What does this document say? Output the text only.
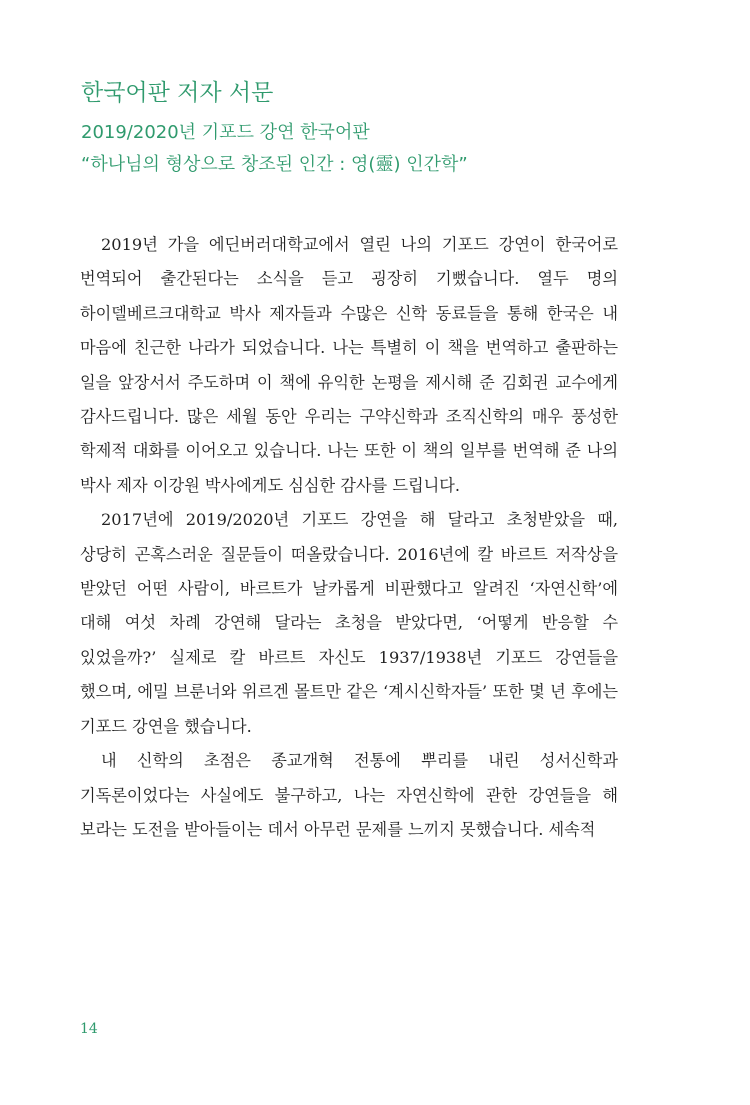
한국어판 저자 서문
2019/2020년 기포드 강연 한국어판
“하나님의 형상으로 창조된 인간 : 영(靈) 인간학”

2019년 가을 에딘버러대학교에서 열린 나의 기포드 강연이 한국어로 번역되어 출간된다는 소식을 듣고 굉장히 기뻤습니다. 열두 명의 하이델베르크대학교 박사 제자들과 수많은 신학 동료들을 통해 한국은 내 마음에 친근한 나라가 되었습니다. 나는 특별히 이 책을 번역하고 출판하는 일을 앞장서서 주도하며 이 책에 유익한 논평을 제시해 준 김회권 교수에게 감사드립니다. 많은 세월 동안 우리는 구약신학과 조직신학의 매우 풍성한 학제적 대화를 이어오고 있습니다. 나는 또한 이 책의 일부를 번역해 준 나의 박사 제자 이강원 박사에게도 심심한 감사를 드립니다.

2017년에 2019/2020년 기포드 강연을 해 달라고 초청받았을 때, 상당히 곤혹스러운 질문들이 떠올랐습니다. 2016년에 칼 바르트 저작상을 받았던 어떤 사람이, 바르트가 날카롭게 비판했다고 알려진 ‘자연신학’에 대해 여섯 차례 강연해 달라는 초청을 받았다면, ‘어떻게 반응할 수 있었을까?’ 실제로 칼 바르트 자신도 1937/1938년 기포드 강연들을 했으며, 에밀 브룬너와 위르겐 몰트만 같은 ‘계시신학자들’ 또한 몇 년 후에는 기포드 강연을 했습니다.

내 신학의 초점은 종교개혁 전통에 뿌리를 내린 성서신학과 기독론이었다는 사실에도 불구하고, 나는 자연신학에 관한 강연들을 해 보라는 도전을 받아들이는 데서 아무런 문제를 느끼지 못했습니다. 세속적

14
